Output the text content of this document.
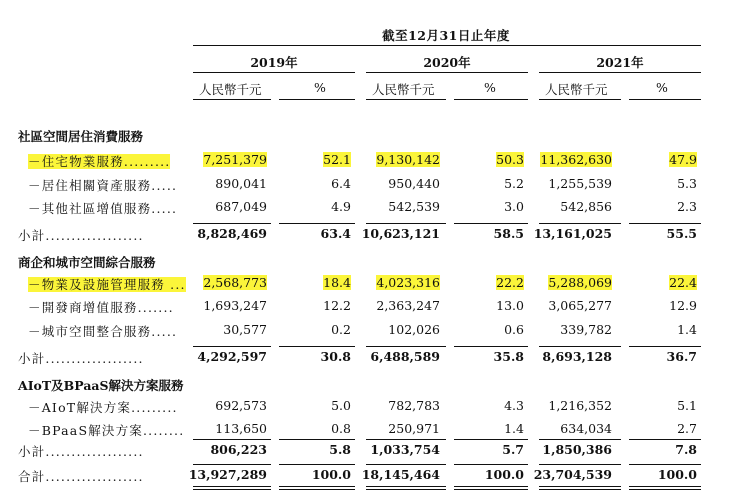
截至12月31日止年度
2019年	2020年	2021年
人民幣千元	%	人民幣千元	%	人民幣千元	%
社區空間居住消費服務
－住宅物業服務.........	7,251,379	52.1 9,130,142	50.3 11,362,630	47.9
－居住相關資產服務.....	890,041	6.4	950,440	5.2 1,255,539	5.3
－其他社區增值服務.....	687,049	4.9	542,539	3.0	542,856	2.3
小計...................	8,828,469	63.4 10,623,121	58.5 13,161,025	55.5
商企和城市空間綜合服務
－物業及設施管理服務 ... 2,568,773	18.4 4,023,316	22.2 5,288,069	22.4
－開發商增值服務....... 1,693,247	12.2 2,363,247	13.0 3,065,277	12.9
－城市空間整合服務.....	30,577	0.2	102,026	0.6	339,782	1.4
小計...................	4,292,597	30.8 6,488,589	35.8 8,693,128	36.7
AIoT及BPaaS解決方案服務
－AIoT解決方案.........	692,573	5.0	782,783	4.3 1,216,352	5.1
－BPaaS解決方案........ 113,650	0.8	250,971	1.4	634,034	2.7
小計...................	806,223	5.8 1,033,754	5.7 1,850,386	7.8
合計...................	13,927,289	100.0 18,145,464	100.0 23,704,539	100.0
